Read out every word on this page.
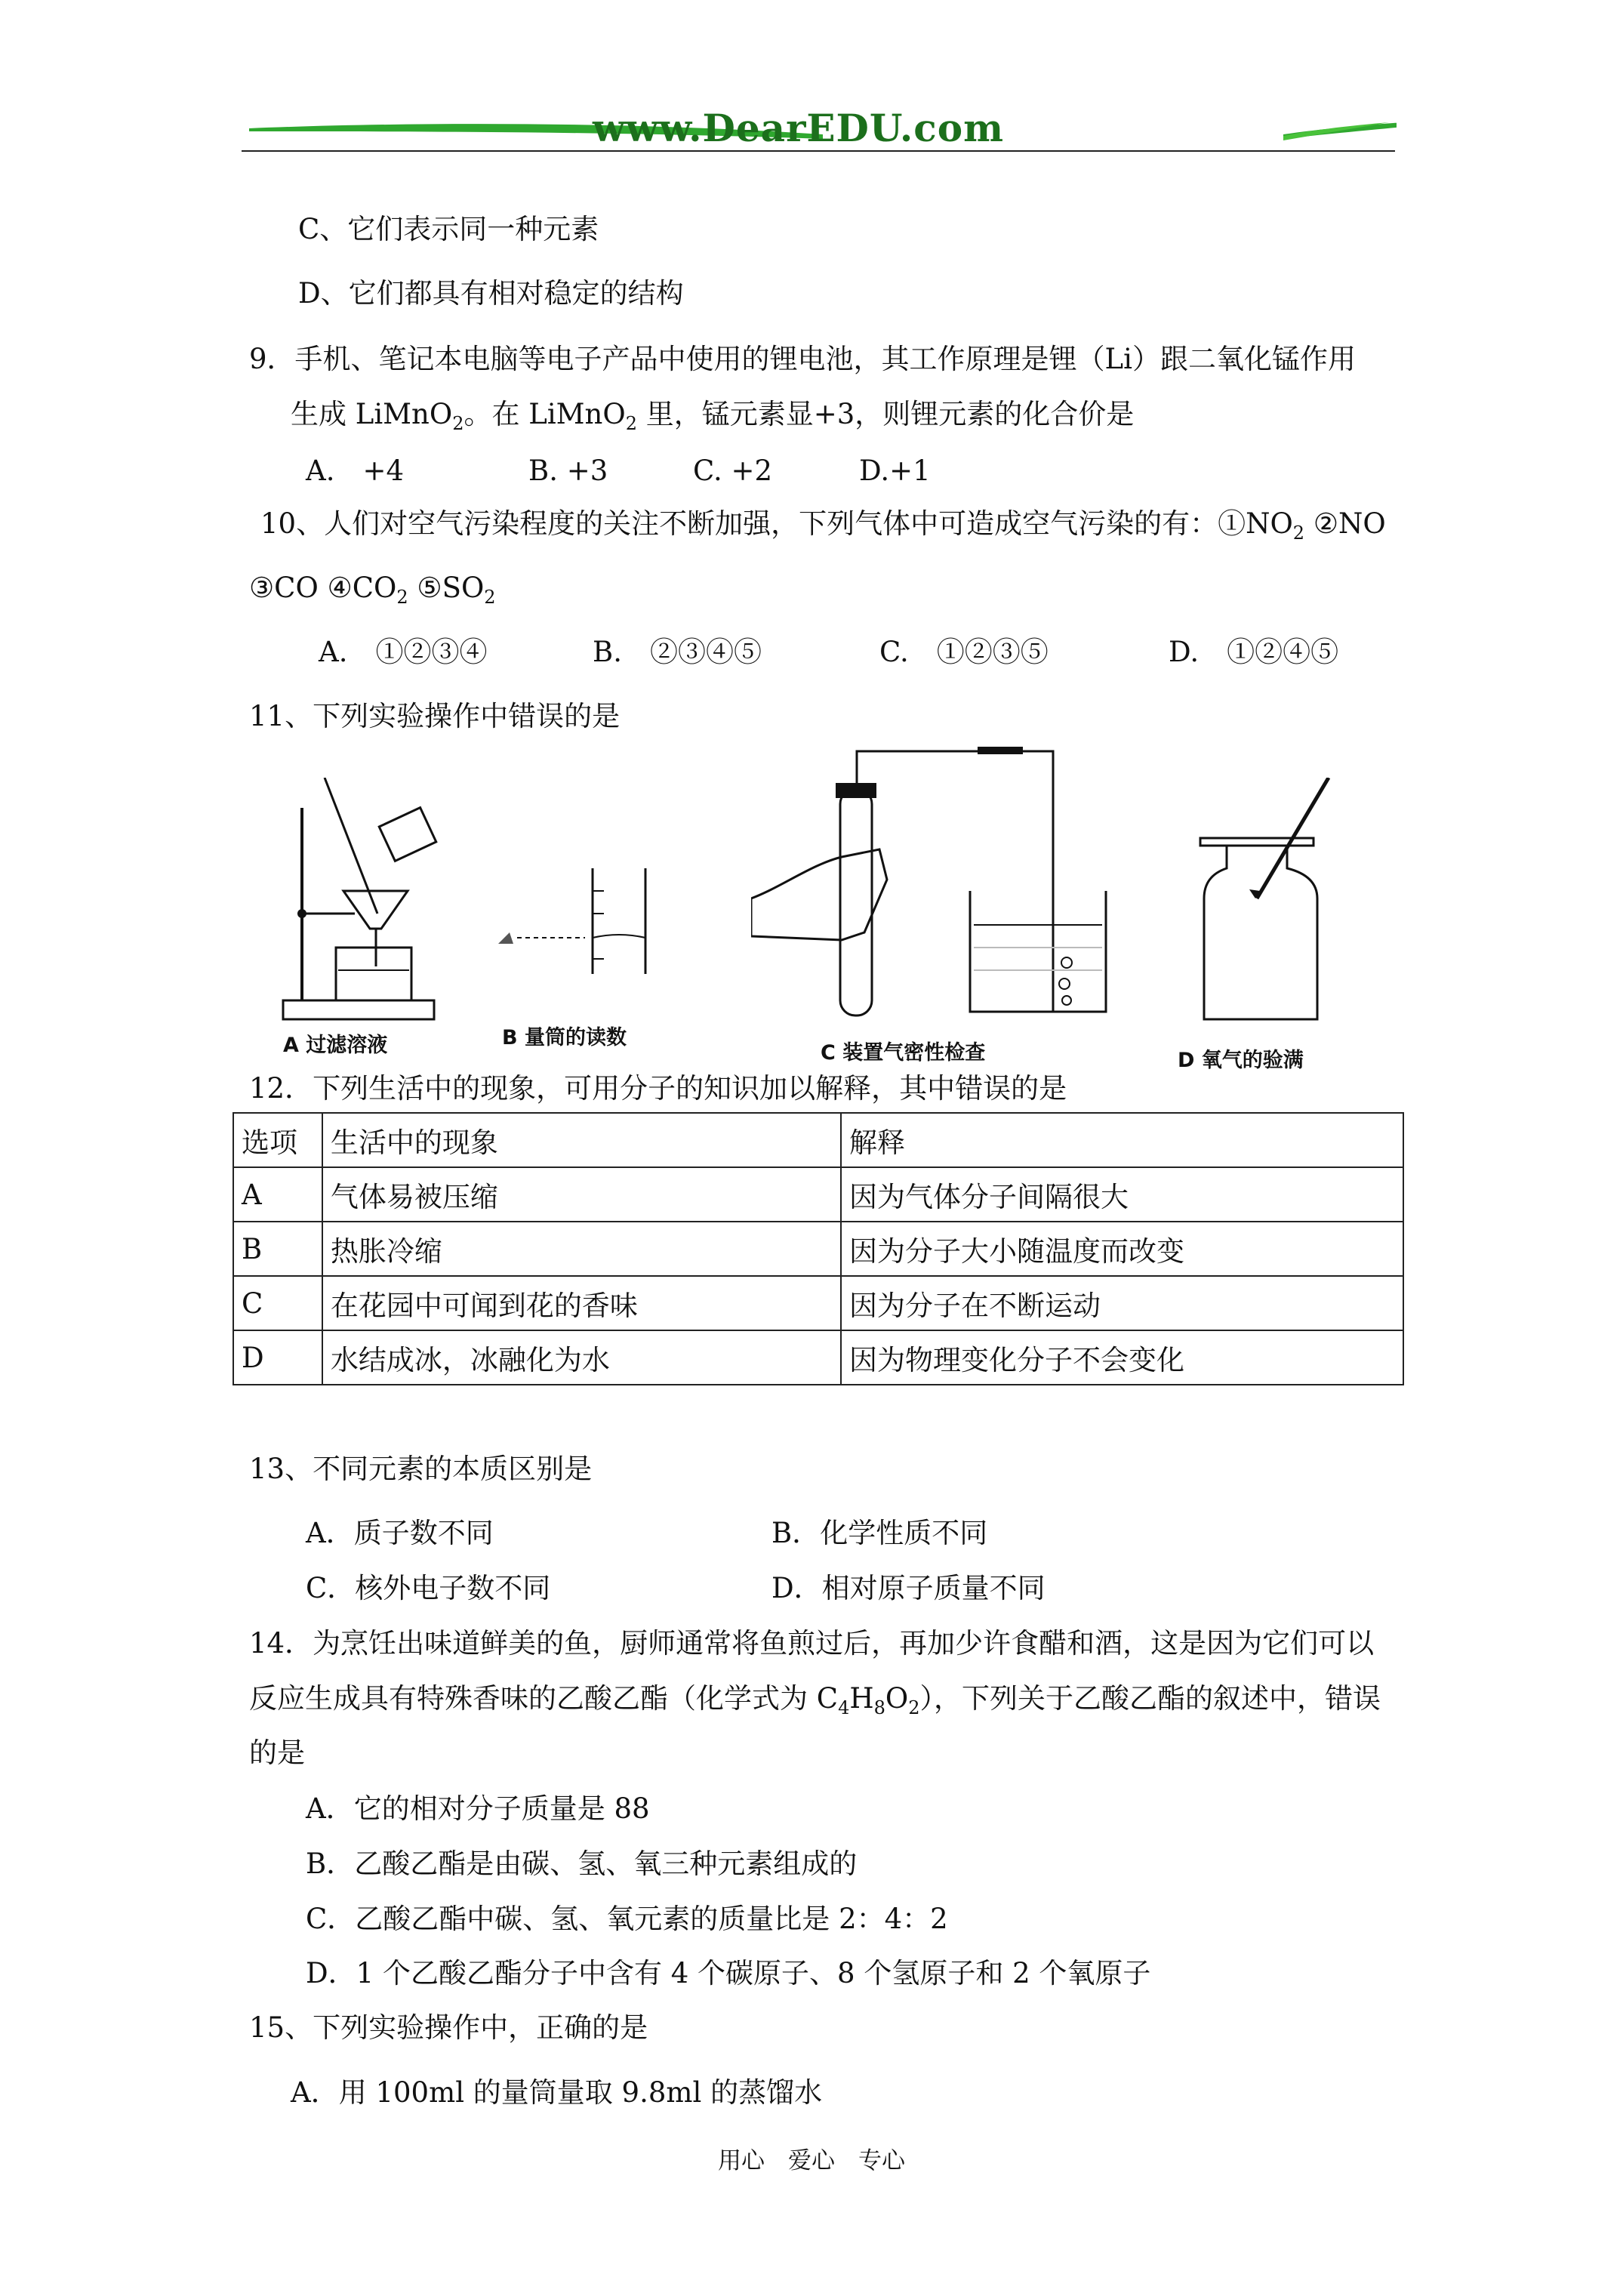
www.DearEDU.com
C、它们表示同一种元素
D、它们都具有相对稳定的结构
9．手机、笔记本电脑等电子产品中使用的锂电池，其工作原理是锂（Li）跟二氧化锰作用
生成 LiMnO$_2$。在 LiMnO$_2$ 里，锰元素显+3，则锂元素的化合价是
A.　+4	B. +3	C. +2	D.+1
10、人们对空气污染程度的关注不断加强，下列气体中可造成空气污染的有：$①NO_2$ ②NO
③CO $④CO_2$ $⑤SO_2$
A.　①②③④	B.　②③④⑤	C.　①②③⑤	D.　①②④⑤
11、下列实验操作中错误的是
A 过滤溶液	B 量筒的读数
C 装置气密性检查	D 氧气的验满
12．下列生活中的现象，可用分子的知识加以解释，其中错误的是
选项	生活中的现象	解释
A	气体易被压缩	因为气体分子间隔很大
B	热胀冷缩	因为分子大小随温度而改变
C	在花园中可闻到花的香味	因为分子在不断运动
D	水结成冰，冰融化为水	因为物理变化分子不会变化
13、不同元素的本质区别是
A．质子数不同	B．化学性质不同
C．核外电子数不同	D．相对原子质量不同
14．为烹饪出味道鲜美的鱼，厨师通常将鱼煎过后，再加少许食醋和酒，这是因为它们可以
反应生成具有特殊香味的乙酸乙酯（化学式为 $C_4H_8O_2$），下列关于乙酸乙酯的叙述中，错误
的是
A．它的相对分子质量是 88
B．乙酸乙酯是由碳、氢、氧三种元素组成的
C．乙酸乙酯中碳、氢、氧元素的质量比是 2：4：2
D．1 个乙酸乙酯分子中含有 4 个碳原子、8 个氢原子和 2 个氧原子
15、下列实验操作中，正确的是
A．用 100ml 的量筒量取 9.8ml 的蒸馏水
用心　爱心　专心
